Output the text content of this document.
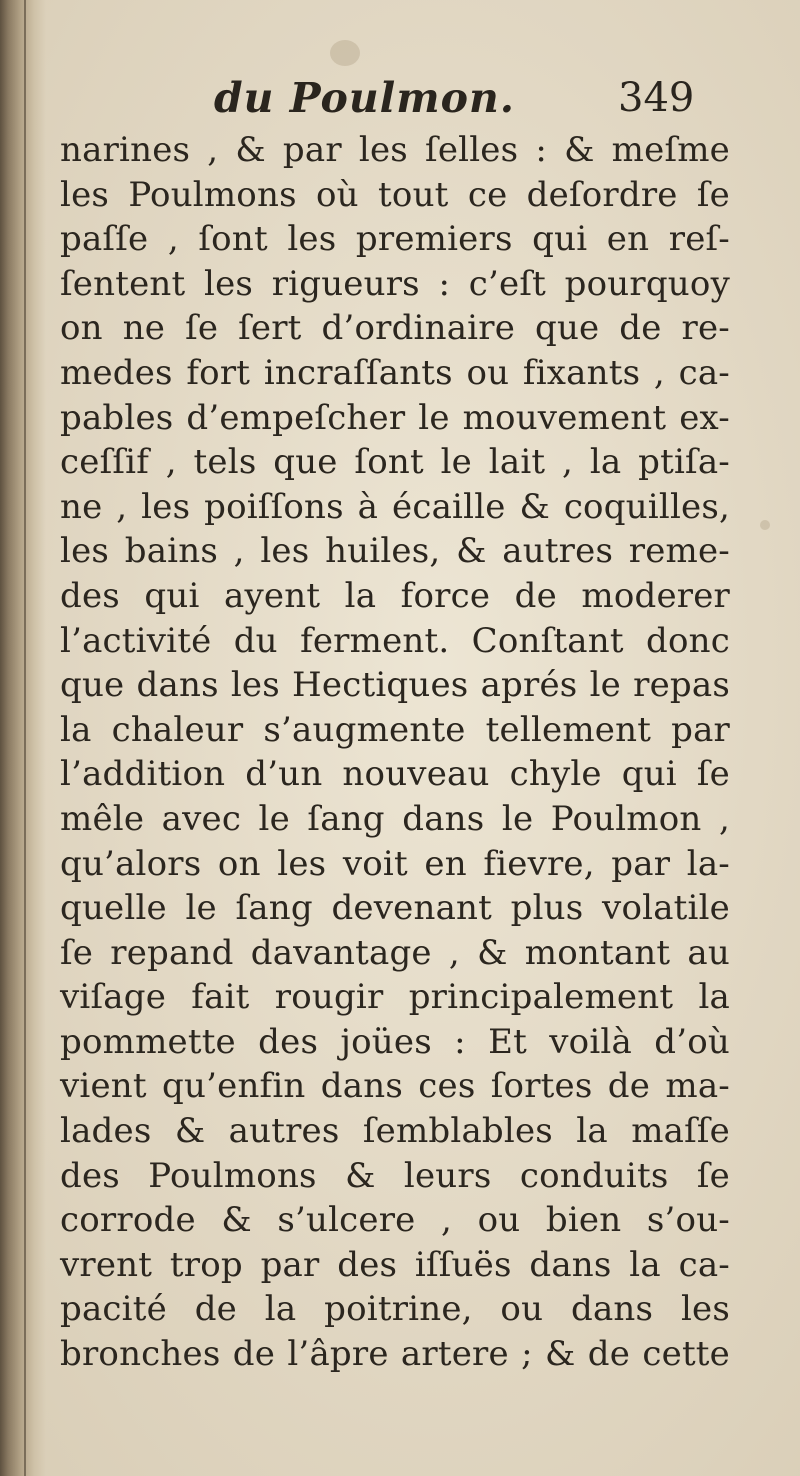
du Poulmon.	349
narines , & par les ſelles : & meſme
les Poulmons où tout ce deſordre ſe
paſſe , ſont les premiers qui en reſ-
ſentent les rigueurs : c’eſt pourquoy
on ne ſe ſert d’ordinaire que de re-
medes fort incraſſants ou fixants , ca-
pables d’empeſcher le mouvement ex-
ceſſif , tels que ſont le lait , la ptiſa-
ne , les poiſſons à écaille & coquilles,
les bains , les huiles, & autres reme-
des qui ayent la force de moderer
l’activité du ferment. Conſtant donc
que dans les Hectiques aprés le repas
la chaleur s’augmente tellement par
l’addition d’un nouveau chyle qui ſe
mêle avec le ſang dans le Poulmon ,
qu’alors on les voit en fievre, par la-
quelle le ſang devenant plus volatile
ſe repand davantage , & montant au
viſage fait rougir principalement la
pommette des joües : Et voilà d’où
vient qu’enfin dans ces ſortes de ma-
lades & autres ſemblables la maſſe
des Poulmons & leurs conduits ſe
corrode & s’ulcere , ou bien s’ou-
vrent trop par des iſſuës dans la ca-
pacité de la poitrine, ou dans les
bronches de l’âpre artere ; & de cette
